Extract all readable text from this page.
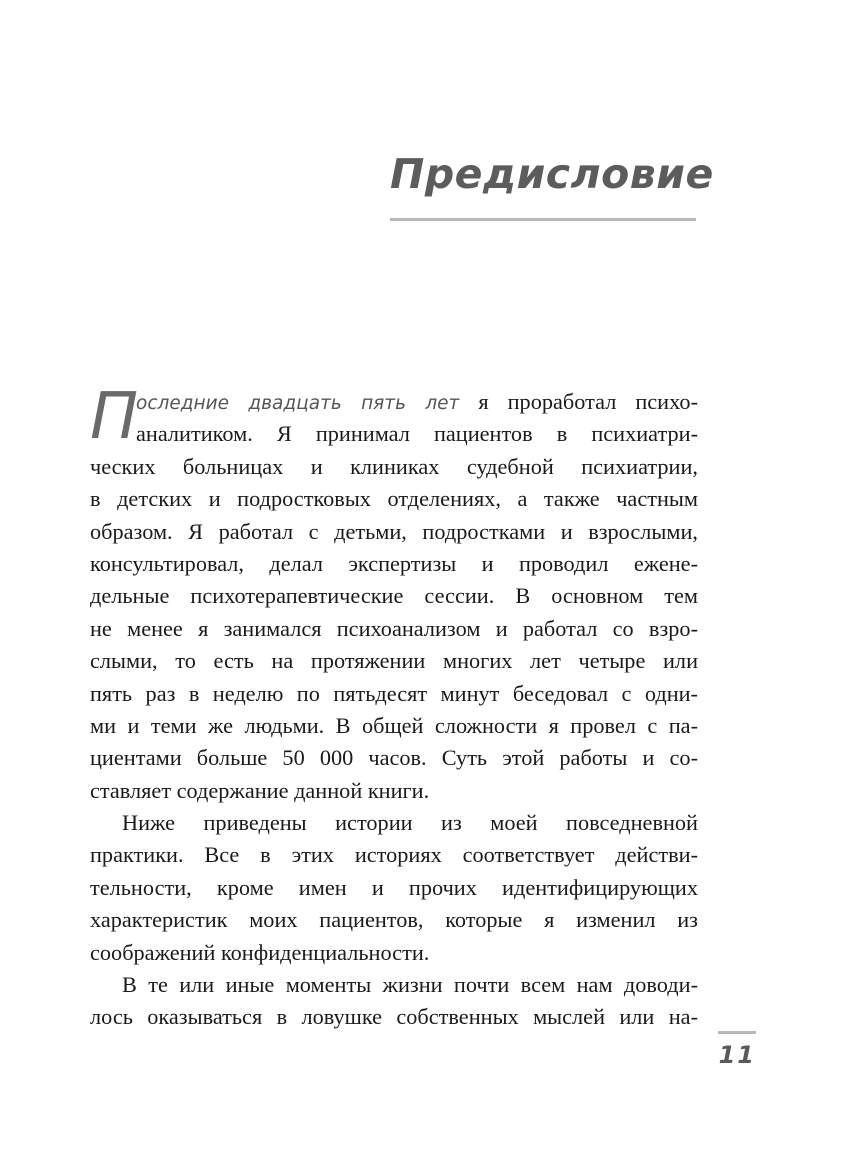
Предисловие
П
оследние двадцать пять лет я проработал психо-
аналитиком. Я принимал пациентов в психиатри-
ческих больницах и клиниках судебной психиатрии,
в детских и подростковых отделениях, а также частным
образом. Я работал с детьми, подростками и взрослыми,
консультировал, делал экспертизы и проводил еженe-
дельные психотерапевтические сессии. В основном тем
не менее я занимался психоанализом и работал со взро-
слыми, то есть на протяжении многих лет четыре или
пять раз в неделю по пятьдесят минут беседовал с одни-
ми и теми же людьми. В общей сложности я провел с па-
циентами больше 50 000 часов. Суть этой работы и со-
ставляет содержание данной книги.
Ниже приведены истории из моей повседневной
практики. Все в этих историях соответствует действи-
тельности, кроме имен и прочих идентифицирующих
характеристик моих пациентов, которые я изменил из
соображений конфиденциальности.
В те или иные моменты жизни почти всем нам доводи-
лось оказываться в ловушке собственных мыслей или на-
11
